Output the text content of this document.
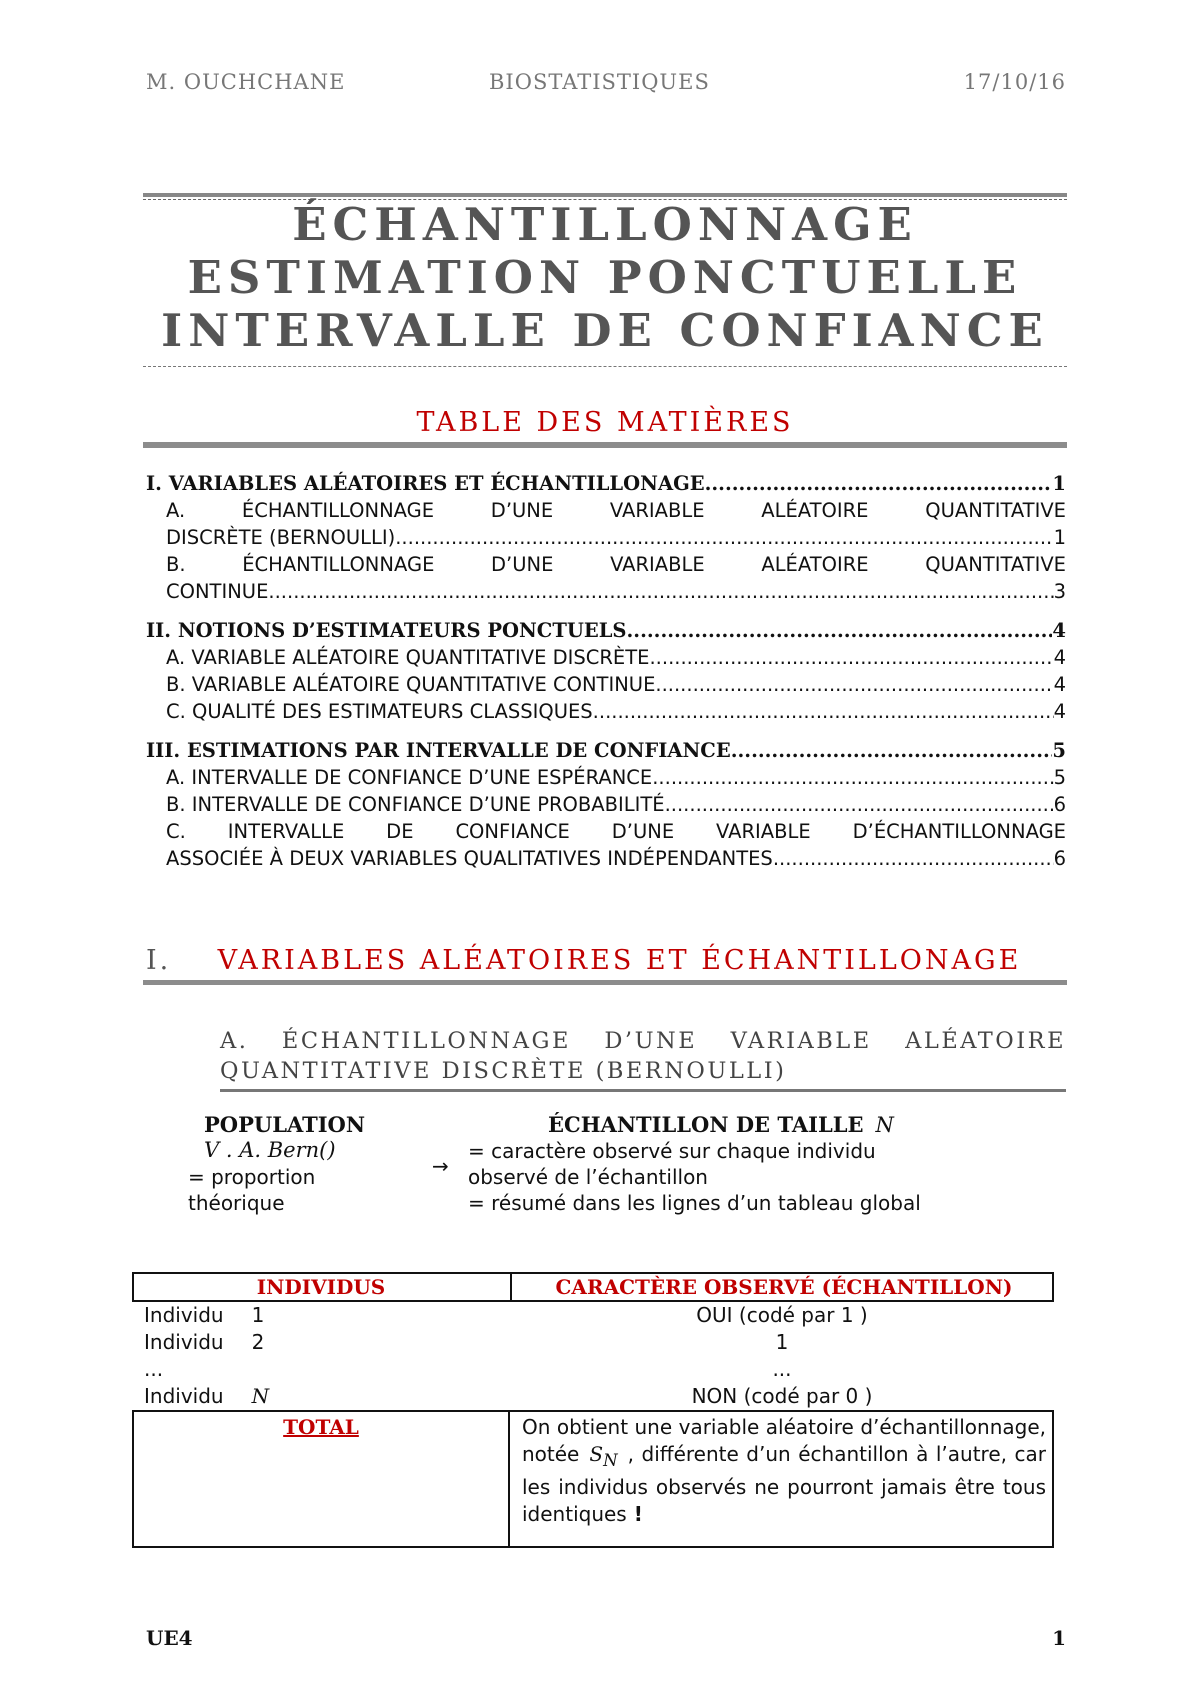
M. OUCHCHANE	BIOSTATISTIQUES	17/10/16
ÉCHANTILLONNAGE
ESTIMATION PONCTUELLE
INTERVALLE DE CONFIANCE
TABLE DES MATIÈRES
I. VARIABLES ALÉATOIRES ET ÉCHANTILLONAGE .....	1
A. ÉCHANTILLONNAGE D’UNE VARIABLE ALÉATOIRE QUANTITATIVE
DISCRÈTE (BERNOULLI) .....	1
B. ÉCHANTILLONNAGE D’UNE VARIABLE ALÉATOIRE QUANTITATIVE
CONTINUE .....	3
II. NOTIONS D’ESTIMATEURS PONCTUELS .....	4
A. VARIABLE ALÉATOIRE QUANTITATIVE DISCRÈTE .....	4
B. VARIABLE ALÉATOIRE QUANTITATIVE CONTINUE .....	4
C. QUALITÉ DES ESTIMATEURS CLASSIQUES .....	4
III. ESTIMATIONS PAR INTERVALLE DE CONFIANCE .....	5
A. INTERVALLE DE CONFIANCE D’UNE ESPÉRANCE .....	5
B. INTERVALLE DE CONFIANCE D’UNE PROBABILITÉ .....	6
C. INTERVALLE DE CONFIANCE D’UNE VARIABLE D’ÉCHANTILLONNAGE
ASSOCIÉE À DEUX VARIABLES QUALITATIVES INDÉPENDANTES .....	6
I. VARIABLES ALÉATOIRES ET ÉCHANTILLONAGE
A. ÉCHANTILLONNAGE D’UNE VARIABLE ALÉATOIRE
QUANTITATIVE DISCRÈTE (BERNOULLI)
POPULATION
V . A. Bern()
= proportion
théorique
→
ÉCHANTILLON DE TAILLE N
= caractère observé sur chaque individu
observé de l’échantillon
= résumé dans les lignes d’un tableau global
INDIVIDUS	CARACTÈRE OBSERVÉ (ÉCHANTILLON)
Individu 1	OUI (codé par 1 )
Individu 2	1
...	...
Individu N	NON (codé par 0 )
TOTAL	On obtient une variable aléatoire d’échantillonnage, notée $S_N$ , différente d’un échantillon à l’autre, car les individus observés ne pourront jamais être tous identiques !
UE4	1
